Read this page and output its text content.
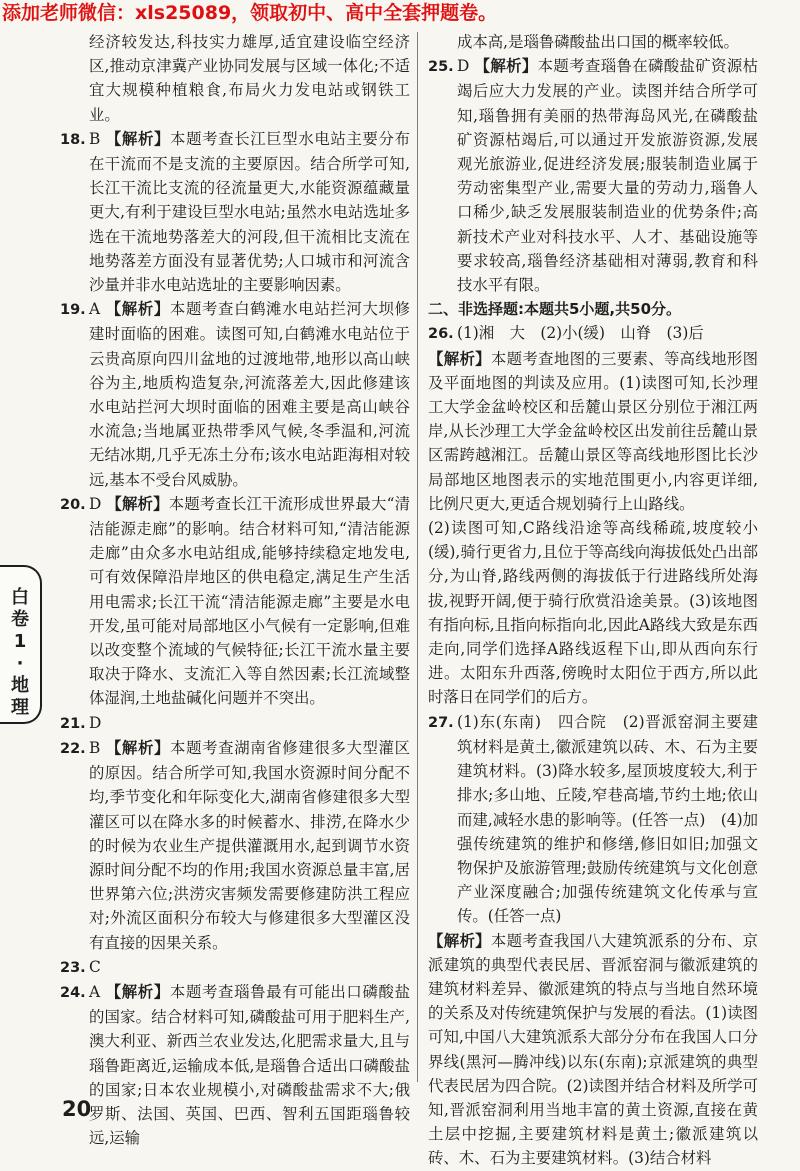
添加老师微信：xls25089，领取初中、高中全套押题卷。
白
卷
1
·
地
理

经济较发达,科技实力雄厚,适宜建设临空经济区,推动京津冀产业协同发展与区域一体化;不适宜大规模种植粮食,布局火力发电站或钢铁工业。

18. B 【解析】本题考查长江巨型水电站主要分布在干流而不是支流的主要原因。结合所学可知,长江干流比支流的径流量更大,水能资源蕴藏量更大,有利于建设巨型水电站;虽然水电站选址多选在干流地势落差大的河段,但干流相比支流在地势落差方面没有显著优势;人口城市和河流含沙量并非水电站选址的主要影响因素。

19. A 【解析】本题考查白鹤滩水电站拦河大坝修建时面临的困难。读图可知,白鹤滩水电站位于云贵高原向四川盆地的过渡地带,地形以高山峡谷为主,地质构造复杂,河流落差大,因此修建该水电站拦河大坝时面临的困难主要是高山峡谷水流急;当地属亚热带季风气候,冬季温和,河流无结冰期,几乎无冻土分布;该水电站距海相对较远,基本不受台风威胁。

20. D 【解析】本题考查长江干流形成世界最大“清洁能源走廊”的影响。结合材料可知,“清洁能源走廊”由众多水电站组成,能够持续稳定地发电,可有效保障沿岸地区的供电稳定,满足生产生活用电需求;长江干流“清洁能源走廊”主要是水电开发,虽可能对局部地区小气候有一定影响,但难以改变整个流域的气候特征;长江干流水量主要取决于降水、支流汇入等自然因素;长江流域整体湿润,土地盐碱化问题并不突出。

21. D

22. B 【解析】本题考查湖南省修建很多大型灌区的原因。结合所学可知,我国水资源时间分配不均,季节变化和年际变化大,湖南省修建很多大型灌区可以在降水多的时候蓄水、排涝,在降水少的时候为农业生产提供灌溉用水,起到调节水资源时间分配不均的作用;我国水资源总量丰富,居世界第六位;洪涝灾害频发需要修建防洪工程应对;外流区面积分布较大与修建很多大型灌区没有直接的因果关系。

23. C

24. A 【解析】本题考查瑙鲁最有可能出口磷酸盐的国家。结合材料可知,磷酸盐可用于肥料生产,澳大利亚、新西兰农业发达,化肥需求量大,且与瑙鲁距离近,运输成本低,是瑙鲁合适出口磷酸盐的国家;日本农业规模小,对磷酸盐需求不大;俄罗斯、法国、英国、巴西、智利五国距瑙鲁较远,运输

成本高,是瑙鲁磷酸盐出口国的概率较低。

25. D 【解析】本题考查瑙鲁在磷酸盐矿资源枯竭后应大力发展的产业。读图并结合所学可知,瑙鲁拥有美丽的热带海岛风光,在磷酸盐矿资源枯竭后,可以通过开发旅游资源,发展观光旅游业,促进经济发展;服装制造业属于劳动密集型产业,需要大量的劳动力,瑙鲁人口稀少,缺乏发展服装制造业的优势条件;高新技术产业对科技水平、人才、基础设施等要求较高,瑙鲁经济基础相对薄弱,教育和科技水平有限。

二、非选择题:本题共5小题,共50分。

26. (1)湘　大　(2)小(缓)　山脊　(3)后

【解析】本题考查地图的三要素、等高线地形图及平面地图的判读及应用。(1)读图可知,长沙理工大学金盆岭校区和岳麓山景区分别位于湘江两岸,从长沙理工大学金盆岭校区出发前往岳麓山景区需跨越湘江。岳麓山景区等高线地形图比长沙局部地区地图表示的实地范围更小,内容更详细,比例尺更大,更适合规划骑行上山路线。

(2)读图可知,C路线沿途等高线稀疏,坡度较小(缓),骑行更省力,且位于等高线向海拔低处凸出部分,为山脊,路线两侧的海拔低于行进路线所处海拔,视野开阔,便于骑行欣赏沿途美景。(3)该地图有指向标,且指向标指向北,因此A路线大致是东西走向,同学们选择A路线返程下山,即从西向东行进。太阳东升西落,傍晚时太阳位于西方,所以此时落日在同学们的后方。

27. (1)东(东南)　四合院　(2)晋派窑洞主要建筑材料是黄土,徽派建筑以砖、木、石为主要建筑材料。(3)降水较多,屋顶坡度较大,利于排水;多山地、丘陵,窄巷高墙,节约土地;依山而建,减轻水患的影响等。(任答一点)　(4)加强传统建筑的维护和修缮,修旧如旧;加强文物保护及旅游管理;鼓励传统建筑与文化创意产业深度融合;加强传统建筑文化传承与宣传。(任答一点)

【解析】本题考查我国八大建筑派系的分布、京派建筑的典型代表民居、晋派窑洞与徽派建筑的建筑材料差异、徽派建筑的特点与当地自然环境的关系及对传统建筑保护与发展的看法。(1)读图可知,中国八大建筑派系大部分分布在我国人口分界线(黑河—腾冲线)以东(东南);京派建筑的典型代表民居为四合院。(2)读图并结合材料及所学可知,晋派窑洞利用当地丰富的黄土资源,直接在黄土层中挖掘,主要建筑材料是黄土;徽派建筑以砖、木、石为主要建筑材料。(3)结合材料

20
